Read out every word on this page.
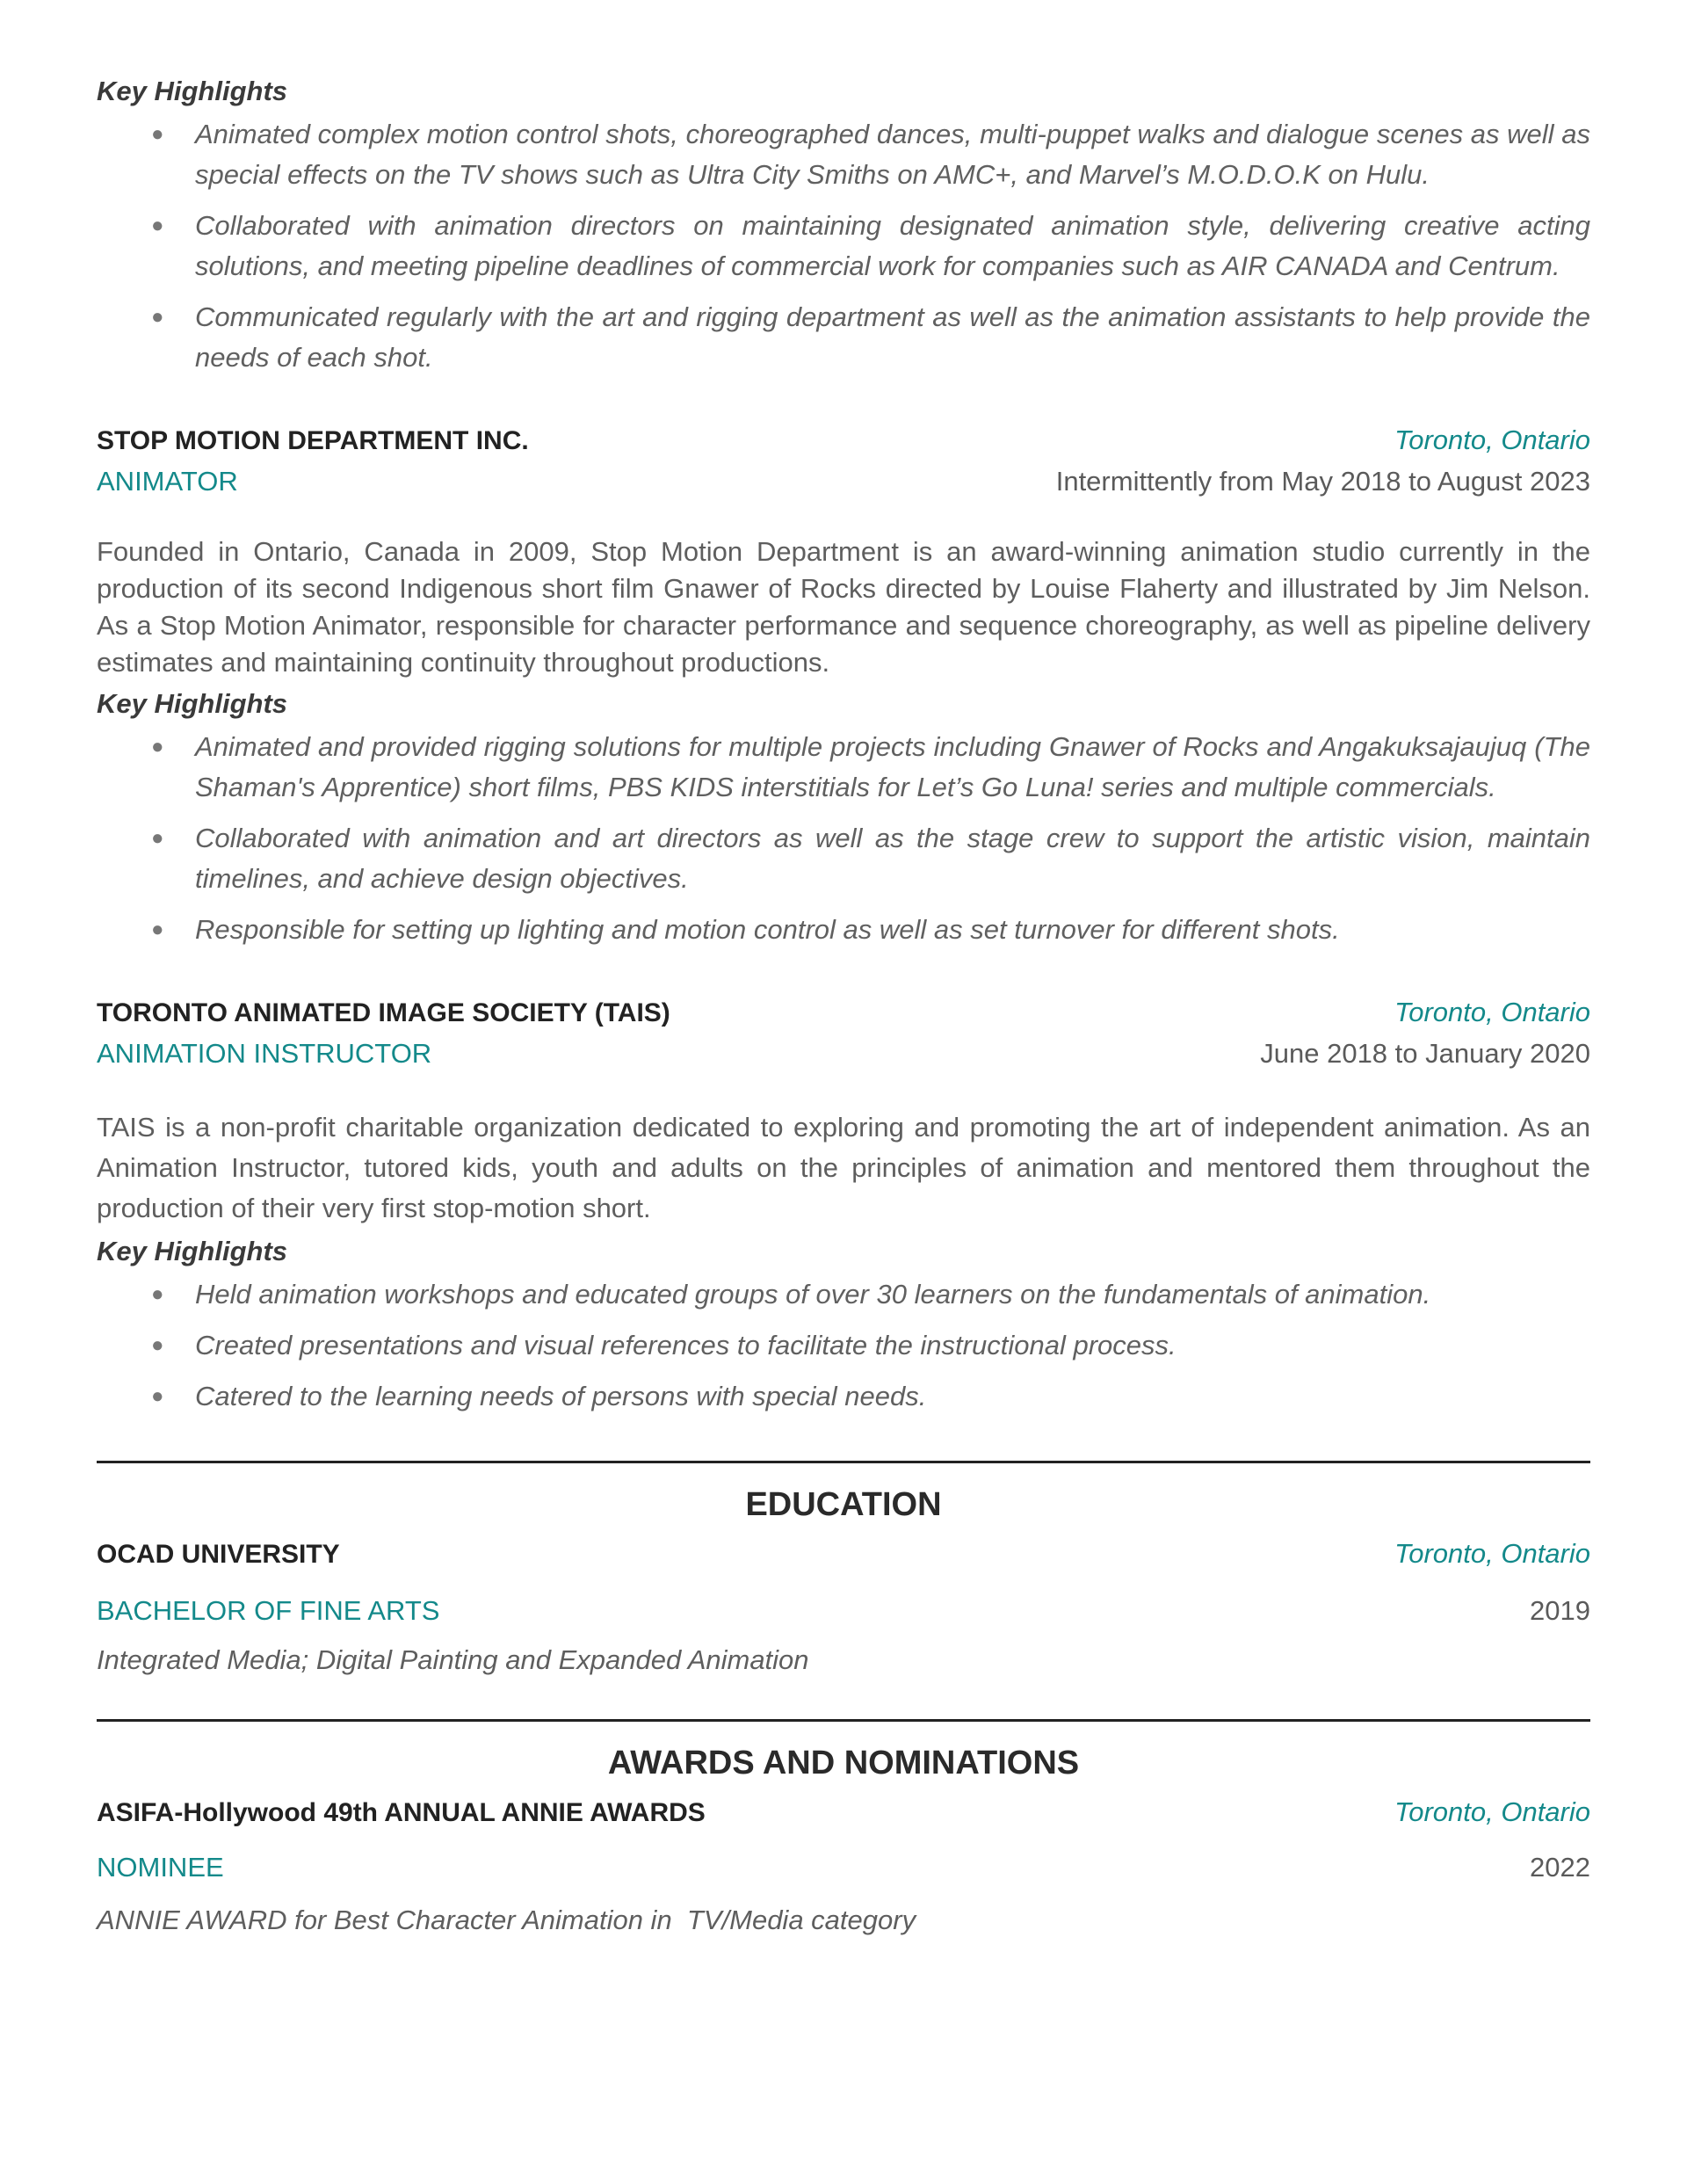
Key Highlights
● Animated complex motion control shots, choreographed dances, multi-puppet walks and dialogue scenes as well as special effects on the TV shows such as Ultra City Smiths on AMC+, and Marvel’s M.O.D.O.K on Hulu.
● Collaborated with animation directors on maintaining designated animation style, delivering creative acting solutions, and meeting pipeline deadlines of commercial work for companies such as AIR CANADA and Centrum.
● Communicated regularly with the art and rigging department as well as the animation assistants to help provide the needs of each shot.
STOP MOTION DEPARTMENT INC.	Toronto, Ontario
ANIMATOR	Intermittently from May 2018 to August 2023

Founded in Ontario, Canada in 2009, Stop Motion Department is an award-winning animation studio currently in the production of its second Indigenous short film Gnawer of Rocks directed by Louise Flaherty and illustrated by Jim Nelson. As a Stop Motion Animator, responsible for character performance and sequence choreography, as well as pipeline delivery estimates and maintaining continuity throughout productions.

Key Highlights
● Animated and provided rigging solutions for multiple projects including Gnawer of Rocks and Angakuksajaujuq (The Shaman's Apprentice) short films, PBS KIDS interstitials for Let’s Go Luna! series and multiple commercials.
● Collaborated with animation and art directors as well as the stage crew to support the artistic vision, maintain timelines, and achieve design objectives.
● Responsible for setting up lighting and motion control as well as set turnover for different shots.
TORONTO ANIMATED IMAGE SOCIETY (TAIS)	Toronto, Ontario
ANIMATION INSTRUCTOR	June 2018 to January 2020

TAIS is a non-profit charitable organization dedicated to exploring and promoting the art of independent animation. As an Animation Instructor, tutored kids, youth and adults on the principles of animation and mentored them throughout the production of their very first stop-motion short.

Key Highlights
● Held animation workshops and educated groups of over 30 learners on the fundamentals of animation.
● Created presentations and visual references to facilitate the instructional process.
● Catered to the learning needs of persons with special needs.
EDUCATION
OCAD UNIVERSITY	Toronto, Ontario
BACHELOR OF FINE ARTS	2019
Integrated Media; Digital Painting and Expanded Animation
AWARDS AND NOMINATIONS
ASIFA-Hollywood 49th ANNUAL ANNIE AWARDS	Toronto, Ontario
NOMINEE	2022
ANNIE AWARD for Best Character Animation in  TV/Media category
